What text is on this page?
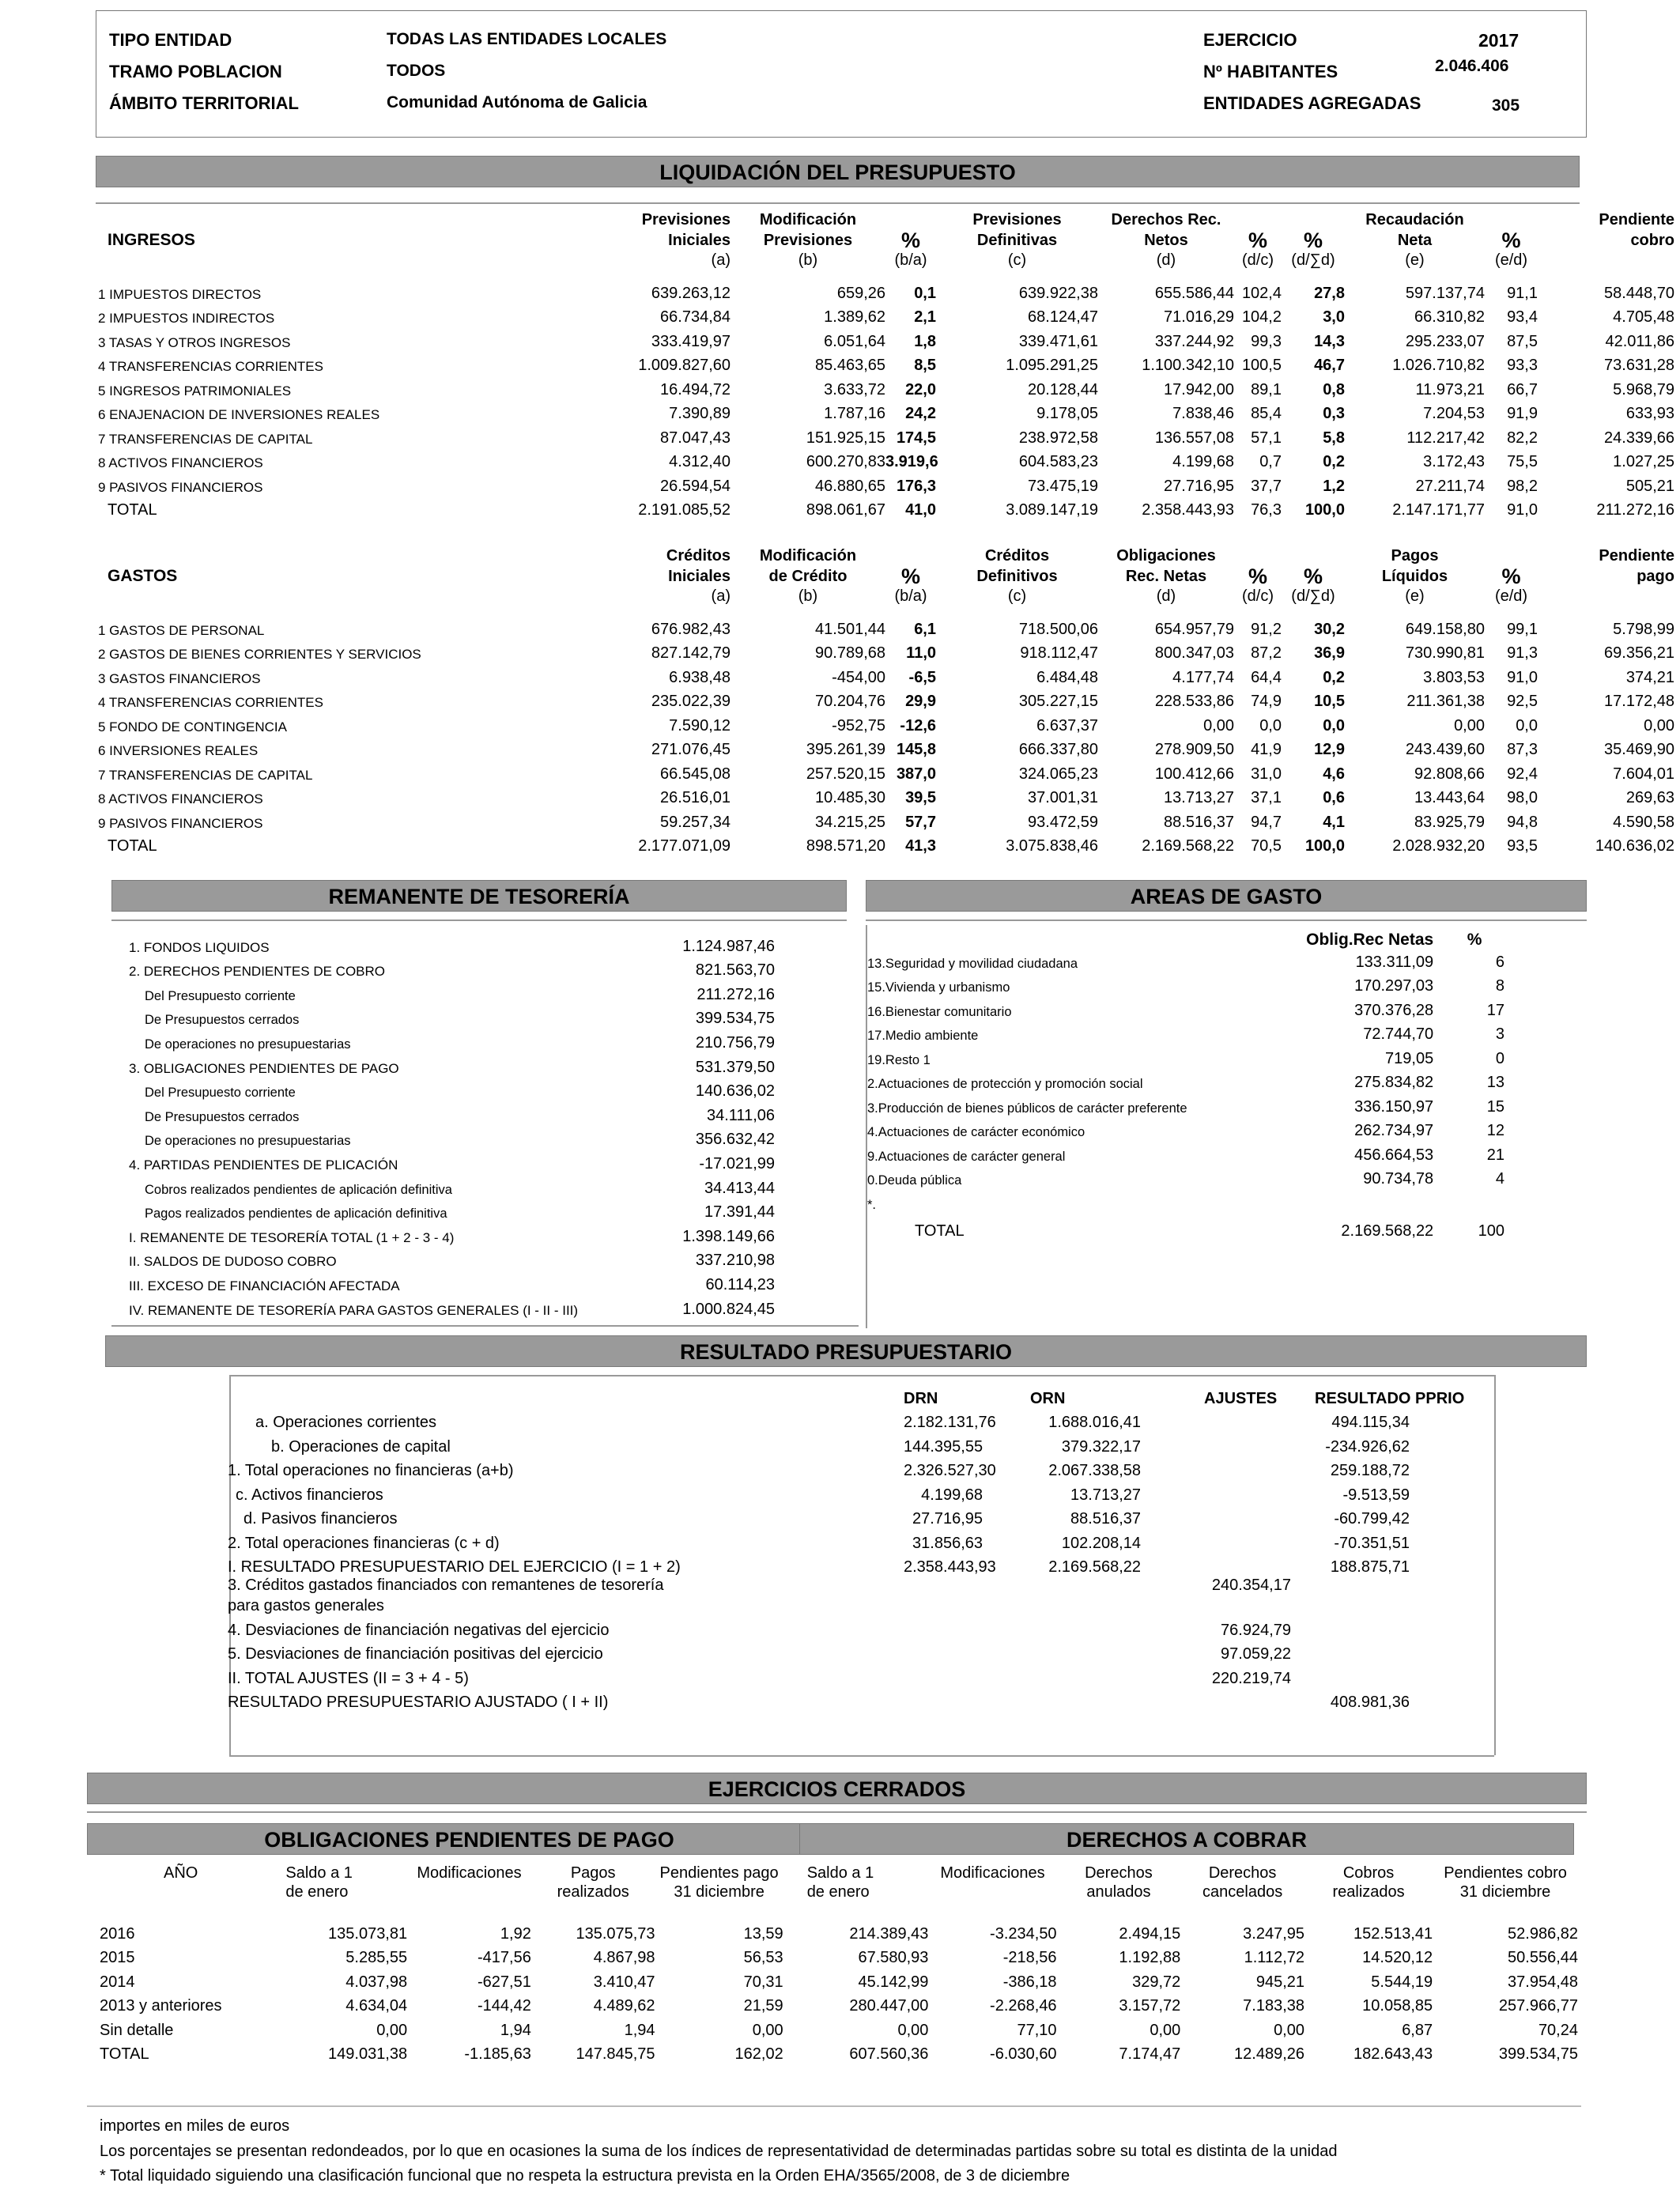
TIPO ENTIDAD	TODAS LAS ENTIDADES LOCALES
TRAMO POBLACION	TODOS
ÁMBITO TERRITORIAL	Comunidad Autónoma de Galicia
EJERCICIO	2017
Nº HABITANTES	2.046.406
ENTIDADES AGREGADAS	305
LIQUIDACIÓN DEL PRESUPUESTO
INGRESOS	Previsiones	Modificación	%	Previsiones	Derechos Rec.	%	%	Recaudación	%	Pendiente
	Iniciales	Previsiones		Definitivas	Netos			Neta		cobro
	(a)	(b)	(b/a)	(c)	(d)	(d/c)	(d/∑d)	(e)	(e/d)	

1 IMPUESTOS DIRECTOS	639.263,12	659,26	0,1	639.922,38	655.586,44	102,4	27,8	597.137,74	91,1	58.448,70
2 IMPUESTOS INDIRECTOS	66.734,84	1.389,62	2,1	68.124,47	71.016,29	104,2	3,0	66.310,82	93,4	4.705,48
3 TASAS Y OTROS INGRESOS	333.419,97	6.051,64	1,8	339.471,61	337.244,92	99,3	14,3	295.233,07	87,5	42.011,86
4 TRANSFERENCIAS CORRIENTES	1.009.827,60	85.463,65	8,5	1.095.291,25	1.100.342,10	100,5	46,7	1.026.710,82	93,3	73.631,28
5 INGRESOS PATRIMONIALES	16.494,72	3.633,72	22,0	20.128,44	17.942,00	89,1	0,8	11.973,21	66,7	5.968,79
6 ENAJENACION DE INVERSIONES REALES	7.390,89	1.787,16	24,2	9.178,05	7.838,46	85,4	0,3	7.204,53	91,9	633,93
7 TRANSFERENCIAS DE CAPITAL	87.047,43	151.925,15	174,5	238.972,58	136.557,08	57,1	5,8	112.217,42	82,2	24.339,66
8 ACTIVOS FINANCIEROS	4.312,40	600.270,83	3.919,6	604.583,23	4.199,68	0,7	0,2	3.172,43	75,5	1.027,25
9 PASIVOS FINANCIEROS	26.594,54	46.880,65	176,3	73.475,19	27.716,95	37,7	1,2	27.211,74	98,2	505,21
TOTAL	2.191.085,52	898.061,67	41,0	3.089.147,19	2.358.443,93	76,3	100,0	2.147.171,77	91,0	211.272,16
GASTOS	Créditos	Modificación	%	Créditos	Obligaciones	%	%	Pagos	%	Pendiente
	Iniciales	de Crédito		Definitivos	Rec. Netas			Líquidos		pago
	(a)	(b)	(b/a)	(c)	(d)	(d/c)	(d/∑d)	(e)	(e/d)	

1 GASTOS DE PERSONAL	676.982,43	41.501,44	6,1	718.500,06	654.957,79	91,2	30,2	649.158,80	99,1	5.798,99
2 GASTOS DE BIENES CORRIENTES Y SERVICIOS	827.142,79	90.789,68	11,0	918.112,47	800.347,03	87,2	36,9	730.990,81	91,3	69.356,21
3 GASTOS FINANCIEROS	6.938,48	-454,00	-6,5	6.484,48	4.177,74	64,4	0,2	3.803,53	91,0	374,21
4 TRANSFERENCIAS CORRIENTES	235.022,39	70.204,76	29,9	305.227,15	228.533,86	74,9	10,5	211.361,38	92,5	17.172,48
5 FONDO DE CONTINGENCIA	7.590,12	-952,75	-12,6	6.637,37	0,00	0,0	0,0	0,00	0,0	0,00
6 INVERSIONES REALES	271.076,45	395.261,39	145,8	666.337,80	278.909,50	41,9	12,9	243.439,60	87,3	35.469,90
7 TRANSFERENCIAS DE CAPITAL	66.545,08	257.520,15	387,0	324.065,23	100.412,66	31,0	4,6	92.808,66	92,4	7.604,01
8 ACTIVOS FINANCIEROS	26.516,01	10.485,30	39,5	37.001,31	13.713,27	37,1	0,6	13.443,64	98,0	269,63
9 PASIVOS FINANCIEROS	59.257,34	34.215,25	57,7	93.472,59	88.516,37	94,7	4,1	83.925,79	94,8	4.590,58
TOTAL	2.177.071,09	898.571,20	41,3	3.075.838,46	2.169.568,22	70,5	100,0	2.028.932,20	93,5	140.636,02
REMANENTE DE TESORERÍA
1. FONDOS LIQUIDOS	1.124.987,46
2. DERECHOS PENDIENTES DE COBRO	821.563,70
Del Presupuesto corriente	211.272,16
De Presupuestos cerrados	399.534,75
De operaciones no presupuestarias	210.756,79
3. OBLIGACIONES PENDIENTES DE PAGO	531.379,50
Del Presupuesto corriente	140.636,02
De Presupuestos cerrados	34.111,06
De operaciones no presupuestarias	356.632,42
4. PARTIDAS PENDIENTES DE PLICACIÓN	-17.021,99
Cobros realizados pendientes de aplicación definitiva	34.413,44
Pagos realizados pendientes de aplicación definitiva	17.391,44
I. REMANENTE DE TESORERÍA TOTAL (1 + 2 - 3 - 4)	1.398.149,66
II. SALDOS DE DUDOSO COBRO	337.210,98
III. EXCESO DE FINANCIACIÓN AFECTADA	60.114,23
IV. REMANENTE DE TESORERÍA PARA GASTOS GENERALES (I - II - III)	1.000.824,45
AREAS DE GASTO
	Oblig.Rec Netas	%
13.Seguridad y movilidad ciudadana	133.311,09	6
15.Vivienda y urbanismo	170.297,03	8
16.Bienestar comunitario	370.376,28	17
17.Medio ambiente	72.744,70	3
19.Resto 1	719,05	0
2.Actuaciones de protección y promoción social	275.834,82	13
3.Producción de bienes públicos de carácter preferente	336.150,97	15
4.Actuaciones de carácter económico	262.734,97	12
9.Actuaciones de carácter general	456.664,53	21
0.Deuda pública	90.734,78	4
*.		
TOTAL	2.169.568,22	100
RESULTADO PRESUPUESTARIO
	DRN	ORN	AJUSTES	RESULTADO PPRIO
a. Operaciones corrientes	2.182.131,76	1.688.016,41		494.115,34
b. Operaciones de capital	144.395,55	379.322,17		-234.926,62
1. Total operaciones no financieras (a+b)	2.326.527,30	2.067.338,58		259.188,72
c. Activos financieros	4.199,68	13.713,27		-9.513,59
d. Pasivos financieros	27.716,95	88.516,37		-60.799,42
2. Total operaciones financieras (c + d)	31.856,63	102.208,14		-70.351,51
I. RESULTADO PRESUPUESTARIO DEL EJERCICIO (I = 1 + 2)	2.358.443,93	2.169.568,22		188.875,71
3. Créditos gastados financiados con remantenes de tesorería			240.354,17	
para gastos generales				
4. Desviaciones de financiación negativas del ejercicio			76.924,79	
5. Desviaciones de financiación positivas del ejercicio			97.059,22	
II. TOTAL AJUSTES (II = 3 + 4 - 5)			220.219,74	
RESULTADO PRESUPUESTARIO AJUSTADO ( I + II)				408.981,36
EJERCICIOS CERRADOS
OBLIGACIONES PENDIENTES DE PAGO	DERECHOS A COBRAR
AÑO	Saldo a 1	Modificaciones	Pagos	Pendientes pago	Saldo a 1	Modificaciones	Derechos	Derechos	Cobros	Pendientes cobro
	de enero		realizados	31 diciembre	de enero		anulados	cancelados	realizados	31 diciembre

2016	135.073,81	1,92	135.075,73	13,59	214.389,43	-3.234,50	2.494,15	3.247,95	152.513,41	52.986,82
2015	5.285,55	-417,56	4.867,98	56,53	67.580,93	-218,56	1.192,88	1.112,72	14.520,12	50.556,44
2014	4.037,98	-627,51	3.410,47	70,31	45.142,99	-386,18	329,72	945,21	5.544,19	37.954,48
2013 y anteriores	4.634,04	-144,42	4.489,62	21,59	280.447,00	-2.268,46	3.157,72	7.183,38	10.058,85	257.966,77
Sin detalle	0,00	1,94	1,94	0,00	0,00	77,10	0,00	0,00	6,87	70,24
TOTAL	149.031,38	-1.185,63	147.845,75	162,02	607.560,36	-6.030,60	7.174,47	12.489,26	182.643,43	399.534,75
importes en miles de euros
Los porcentajes se presentan redondeados, por lo que en ocasiones la suma de los índices de representatividad de determinadas partidas sobre su total es distinta de la unidad
* Total liquidado siguiendo una clasificación funcional que no respeta la estructura prevista en la Orden EHA/3565/2008, de 3 de diciembre
